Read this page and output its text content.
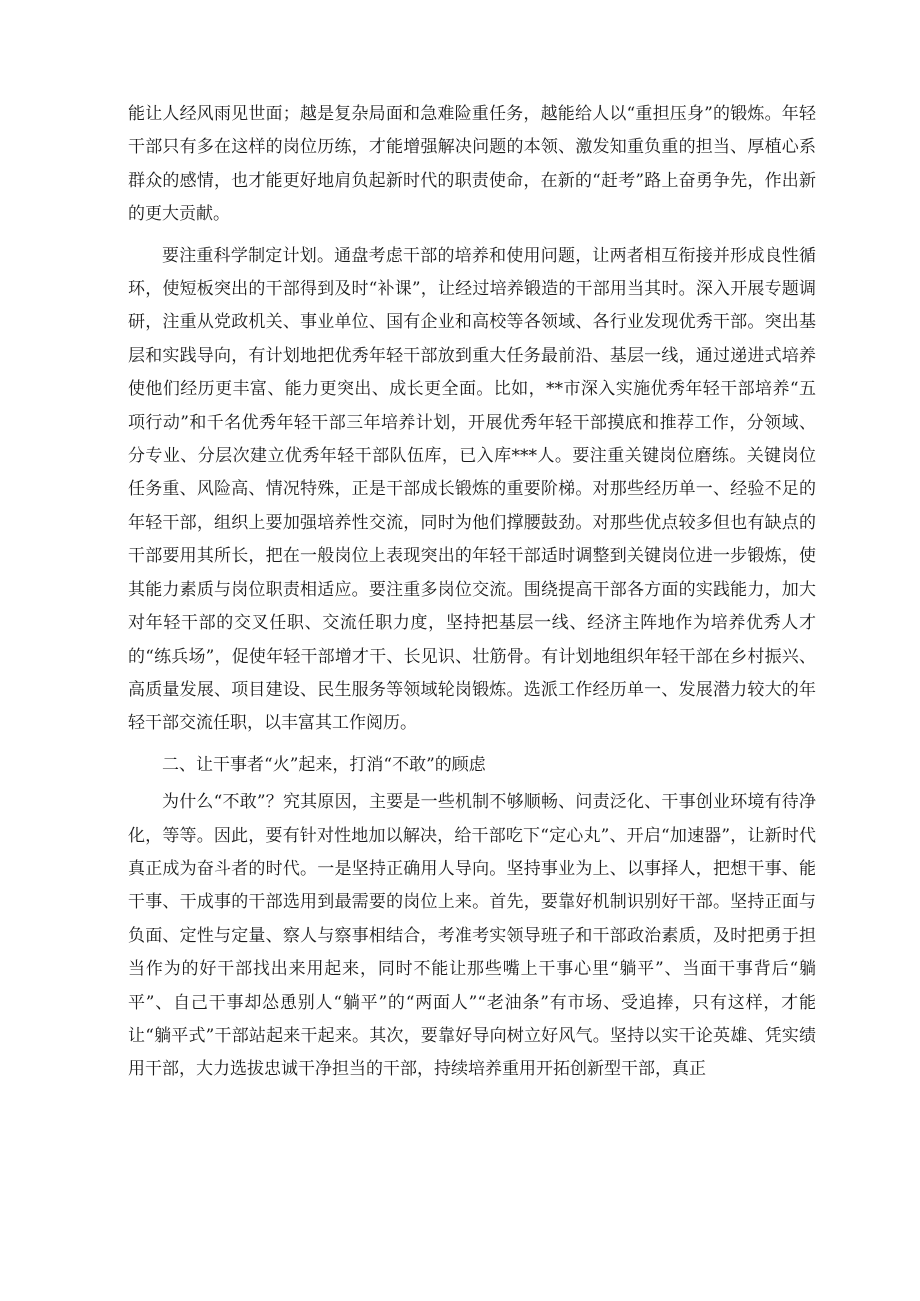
能让人经风雨见世面；越是复杂局面和急难险重任务，越能给人以“重担压身”的锻炼。年轻干部只有多在这样的岗位历练，才能增强解决问题的本领、激发知重负重的担当、厚植心系群众的感情，也才能更好地肩负起新时代的职责使命，在新的“赶考”路上奋勇争先，作出新的更大贡献。

要注重科学制定计划。通盘考虑干部的培养和使用问题，让两者相互衔接并形成良性循环，使短板突出的干部得到及时“补课”，让经过培养锻造的干部用当其时。深入开展专题调研，注重从党政机关、事业单位、国有企业和高校等各领域、各行业发现优秀干部。突出基层和实践导向，有计划地把优秀年轻干部放到重大任务最前沿、基层一线，通过递进式培养使他们经历更丰富、能力更突出、成长更全面。比如，**市深入实施优秀年轻干部培养“五项行动”和千名优秀年轻干部三年培养计划，开展优秀年轻干部摸底和推荐工作，分领域、分专业、分层次建立优秀年轻干部队伍库，已入库***人。要注重关键岗位磨练。关键岗位任务重、风险高、情况特殊，正是干部成长锻炼的重要阶梯。对那些经历单一、经验不足的年轻干部，组织上要加强培养性交流，同时为他们撑腰鼓劲。对那些优点较多但也有缺点的干部要用其所长，把在一般岗位上表现突出的年轻干部适时调整到关键岗位进一步锻炼，使其能力素质与岗位职责相适应。要注重多岗位交流。围绕提高干部各方面的实践能力，加大对年轻干部的交叉任职、交流任职力度，坚持把基层一线、经济主阵地作为培养优秀人才的“练兵场”，促使年轻干部增才干、长见识、壮筋骨。有计划地组织年轻干部在乡村振兴、高质量发展、项目建设、民生服务等领域轮岗锻炼。选派工作经历单一、发展潜力较大的年轻干部交流任职，以丰富其工作阅历。

二、让干事者“火”起来，打消“不敢”的顾虑

为什么“不敢”？究其原因，主要是一些机制不够顺畅、问责泛化、干事创业环境有待净化，等等。因此，要有针对性地加以解决，给干部吃下“定心丸”、开启“加速器”，让新时代真正成为奋斗者的时代。一是坚持正确用人导向。坚持事业为上、以事择人，把想干事、能干事、干成事的干部选用到最需要的岗位上来。首先，要靠好机制识别好干部。坚持正面与负面、定性与定量、察人与察事相结合，考准考实领导班子和干部政治素质，及时把勇于担当作为的好干部找出来用起来，同时不能让那些嘴上干事心里“躺平”、当面干事背后“躺平”、自己干事却怂恿别人“躺平”的“两面人”“老油条”有市场、受追捧，只有这样，才能让“躺平式”干部站起来干起来。其次，要靠好导向树立好风气。坚持以实干论英雄、凭实绩用干部，大力选拔忠诚干净担当的干部，持续培养重用开拓创新型干部，真正
